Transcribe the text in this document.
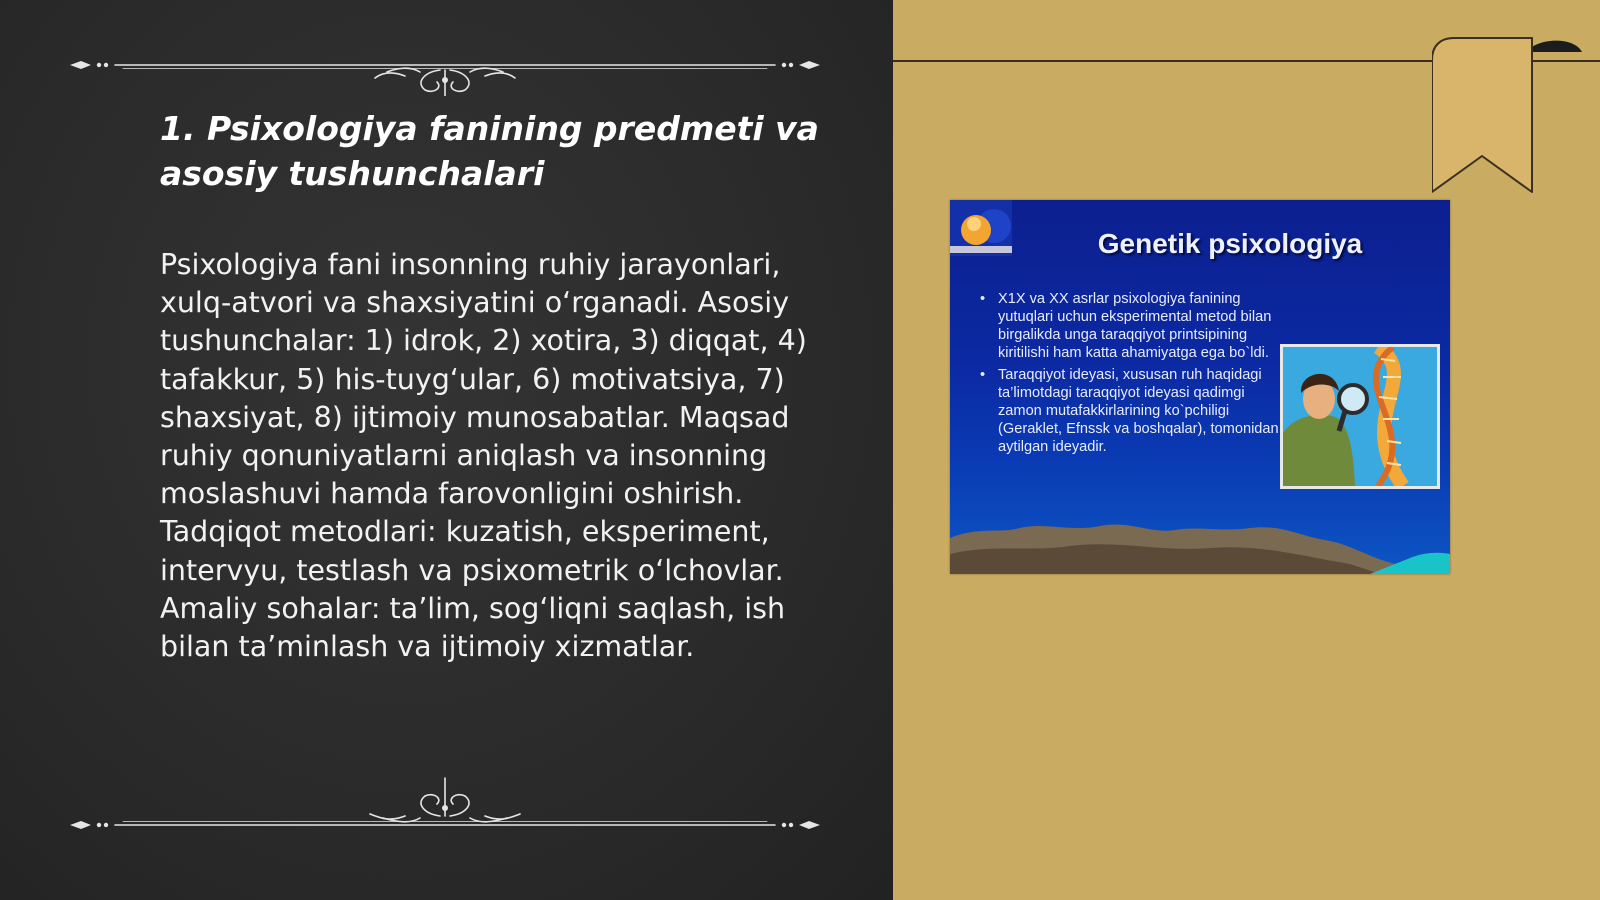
1. Psixologiya fanining predmeti va asosiy tushunchalari

Psixologiya fani insonning ruhiy jarayonlari, xulq-atvori va shaxsiyatini o‘rganadi. Asosiy tushunchalar: 1) idrok, 2) xotira, 3) diqqat, 4) tafakkur, 5) his-tuyg‘ular, 6) motivatsiya, 7) shaxsiyat, 8) ijtimoiy munosabatlar. Maqsad ruhiy qonuniyatlarni aniqlash va insonning moslashuvi hamda farovonligini oshirish. Tadqiqot metodlari: kuzatish, eksperiment, intervyu, testlash va psixometrik o‘lchovlar. Amaliy sohalar: ta’lim, sog‘liqni saqlash, ish bilan ta’minlash va ijtimoiy xizmatlar.

Genetik psixologiya
• X1X va XX asrlar psixologiya fanining yutuqlari uchun eksperimental metod bilan birgalikda unga taraqqiyot printsipining kiritilishi ham katta ahamiyatga ega bo`ldi.
• Taraqqiyot ideyasi, xususan ruh haqidagi ta’limotdagi taraqqiyot ideyasi qadimgi zamon mutafakkirlarining ko`pchiligi (Geraklet, Efnssk va boshqalar), tomonidan aytilgan ideyadir.
